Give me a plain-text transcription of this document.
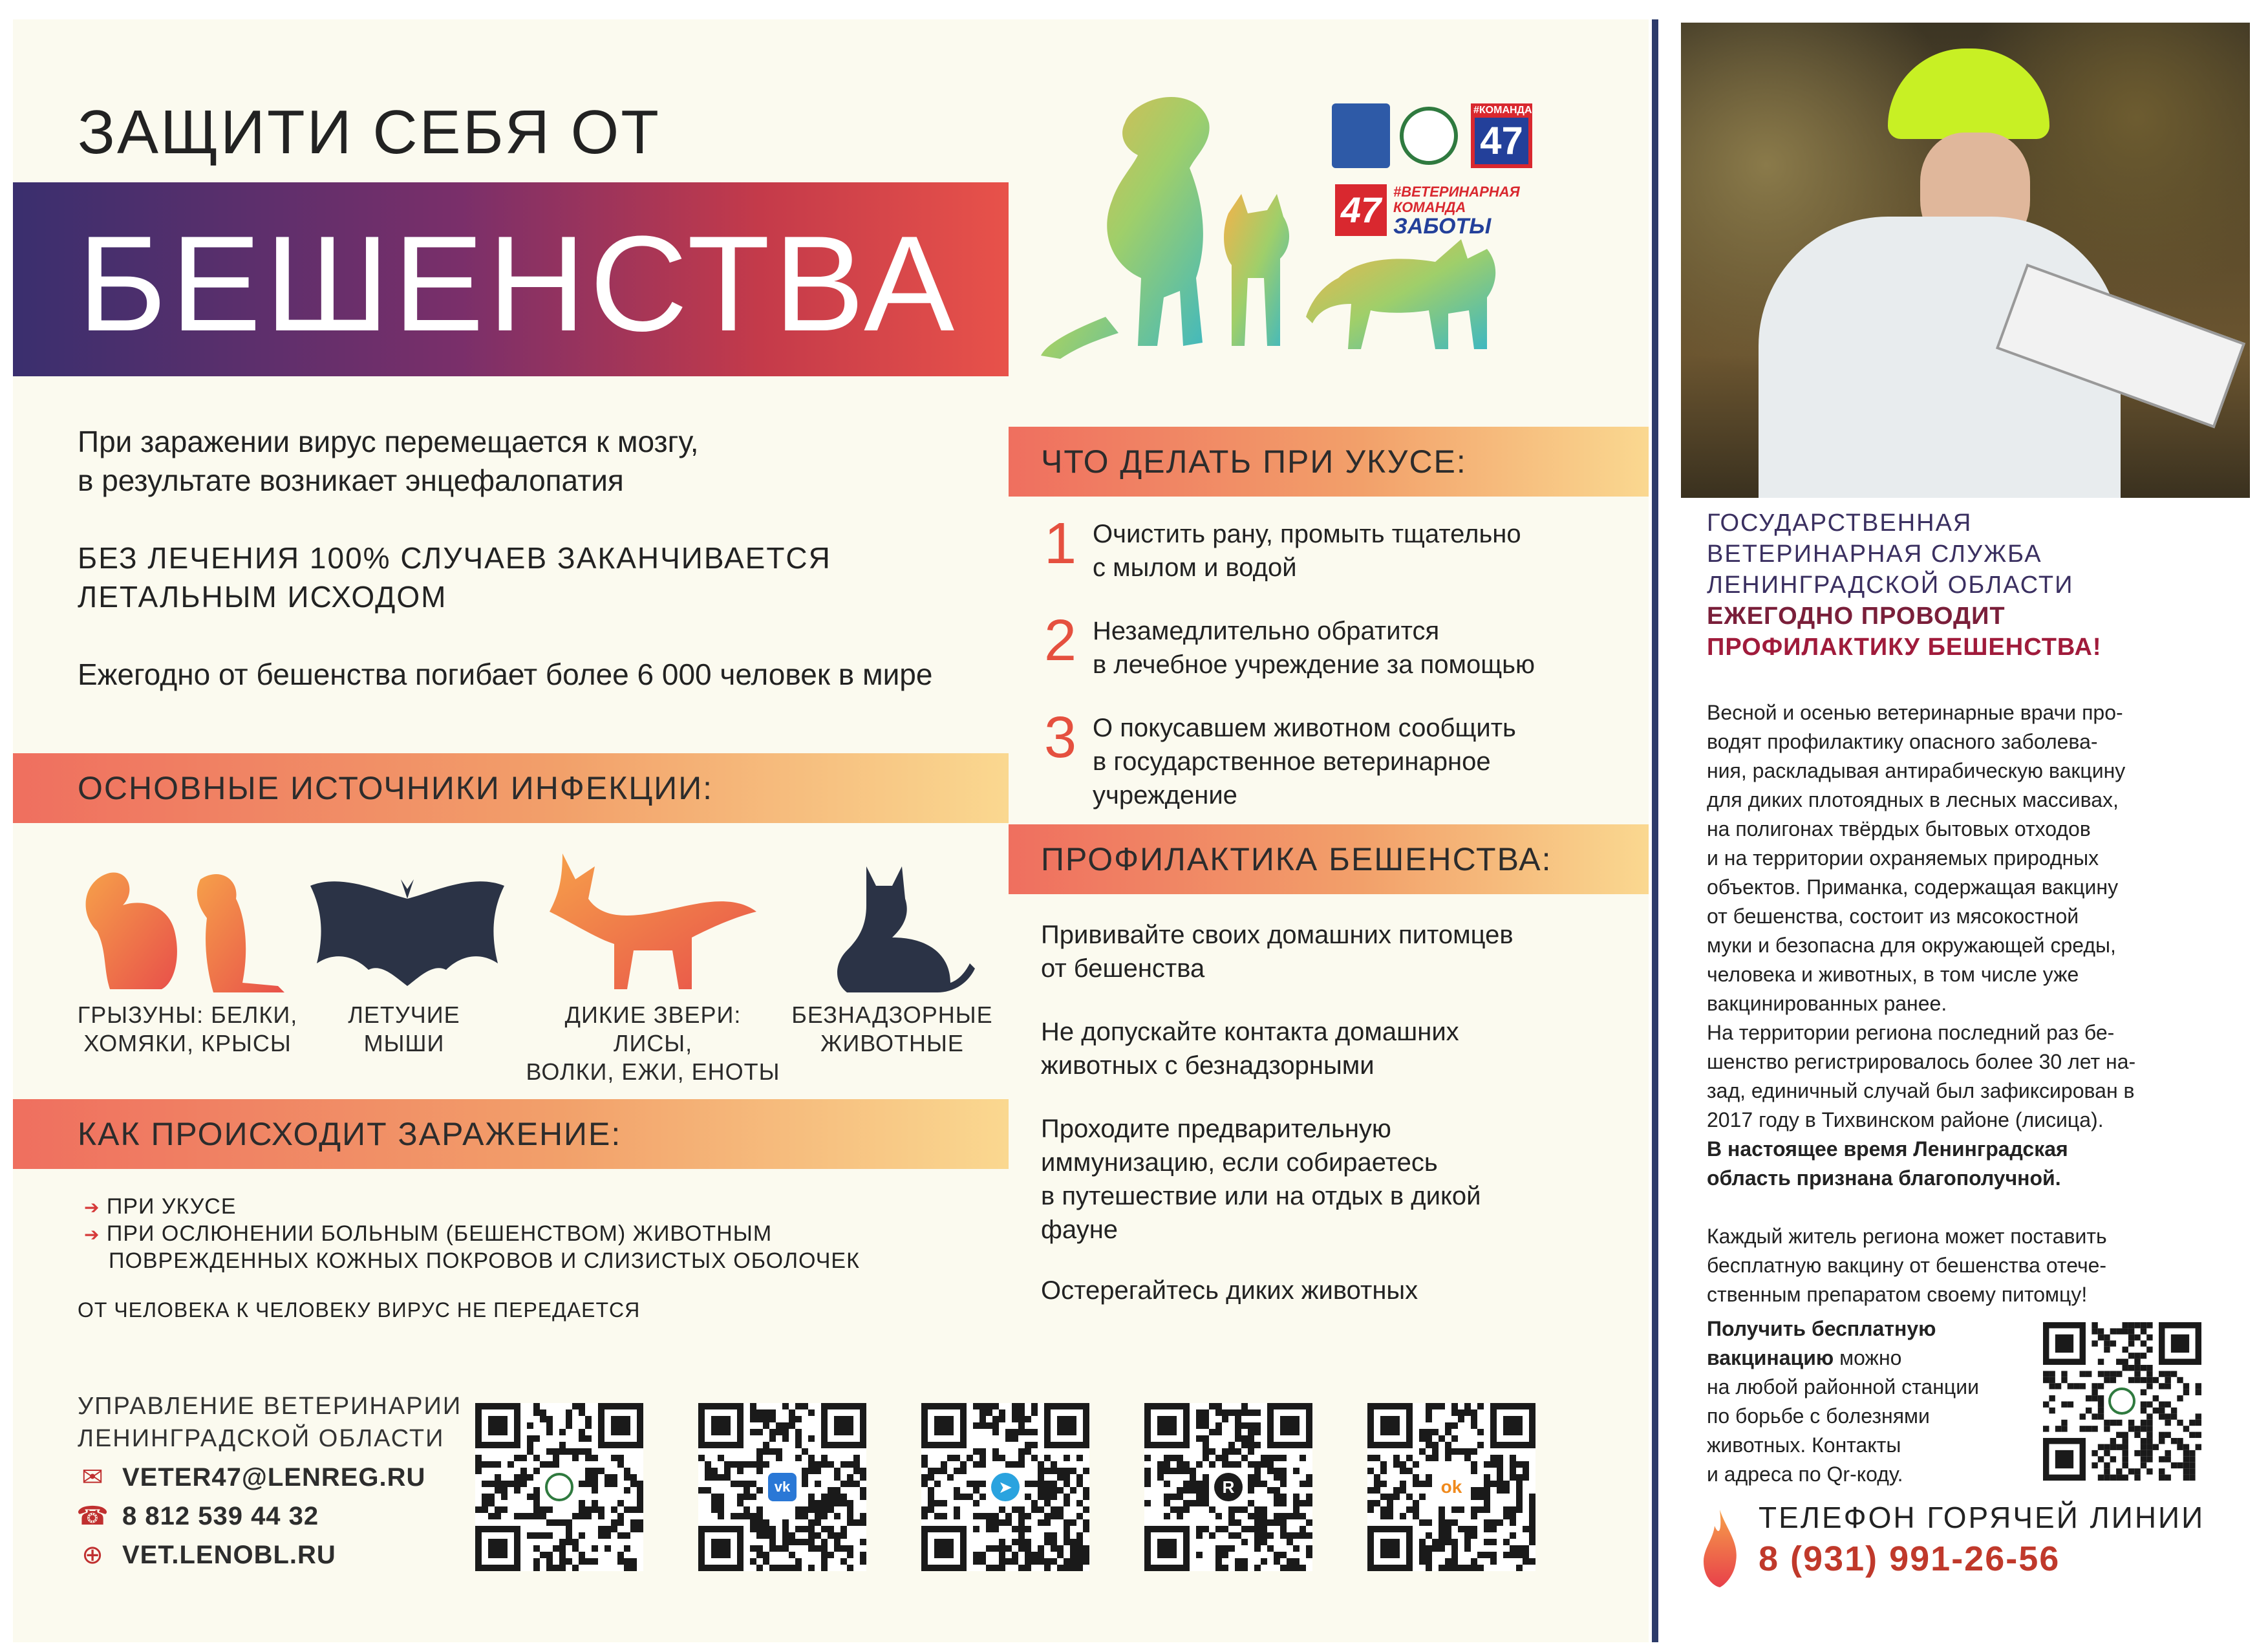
ЗАЩИТИ СЕБЯ ОТ
БЕШЕНСТВА
#КОМАНДА
47
47 #ВЕТЕРИНАРНАЯ
КОМАНДА
ЗАБОТЫ
При заражении вирус перемещается к мозгу,
в результате возникает энцефалопатия
БЕЗ ЛЕЧЕНИЯ 100% СЛУЧАЕВ ЗАКАНЧИВАЕТСЯ
ЛЕТАЛЬНЫМ ИСХОДОМ
Ежегодно от бешенства погибает более 6 000 человек в мире
ОСНОВНЫЕ ИСТОЧНИКИ ИНФЕКЦИИ:
ГРЫЗУНЫ: БЕЛКИ,
ХОМЯКИ, КРЫСЫ
ЛЕТУЧИЕ
МЫШИ
ДИКИЕ ЗВЕРИ: ЛИСЫ,
ВОЛКИ, ЕЖИ, ЕНОТЫ
БЕЗНАДЗОРНЫЕ
ЖИВОТНЫЕ
КАК ПРОИСХОДИТ ЗАРАЖЕНИЕ:
➔ ПРИ УКУСЕ
➔ ПРИ ОСЛЮНЕНИИ БОЛЬНЫМ (БЕШЕНСТВОМ) ЖИВОТНЫМ
ПОВРЕЖДЕННЫХ КОЖНЫХ ПОКРОВОВ И СЛИЗИСТЫХ ОБОЛОЧЕК
ОТ ЧЕЛОВЕКА К ЧЕЛОВЕКУ ВИРУС НЕ ПЕРЕДАЕТСЯ
ЧТО ДЕЛАТЬ ПРИ УКУСЕ:
1 Очистить рану, промыть тщательно
с мылом и водой
2 Незамедлительно обратится
в лечебное учреждение за помощью
3 О покусавшем животном сообщить
в государственное ветеринарное
учреждение
ПРОФИЛАКТИКА БЕШЕНСТВА:
Прививайте своих домашних питомцев
от бешенства
Не допускайте контакта домашних
животных с безнадзорными
Проходите предварительную
иммунизацию, если собираетесь
в путешествие или на отдых в дикой
фауне
Остерегайтесь диких животных
УПРАВЛЕНИЕ ВЕТЕРИНАРИИ
ЛЕНИНГРАДСКОЙ ОБЛАСТИ
✉ VETER47@LENREG.RU
☎ 8 812 539 44 32
⊕ VET.LENOBL.RU
vk	➤	R	ok
ГОСУДАРСТВЕННАЯ
ВЕТЕРИНАРНАЯ СЛУЖБА
ЛЕНИНГРАДСКОЙ ОБЛАСТИ
ЕЖЕГОДНО ПРОВОДИТ
ПРОФИЛАКТИКУ БЕШЕНСТВА!
Весной и осенью ветеринарные врачи про-
водят профилактику опасного заболева-
ния, раскладывая антирабическую вакцину
для диких плотоядных в лесных массивах,
на полигонах твёрдых бытовых отходов
и на территории охраняемых природных
объектов. Приманка, содержащая вакцину
от бешенства, состоит из мясокостной
муки и безопасна для окружающей среды,
человека и животных, в том числе уже
вакцинированных ранее.
На территории региона последний раз бе-
шенство регистрировалось более 30 лет на-
зад, единичный случай был зафиксирован в
2017 году в Тихвинском районе (лисица).
В настоящее время Ленинградская
область признана благополучной.
Каждый житель региона может поставить
бесплатную вакцину от бешенства отече-
ственным препаратом своему питомцу!
Получить бесплатную
вакцинацию можно
на любой районной станции
по борьбе с болезнями
животных. Контакты
и адреса по Qr-коду.
ТЕЛЕФОН ГОРЯЧЕЙ ЛИНИИ
8 (931) 991-26-56
